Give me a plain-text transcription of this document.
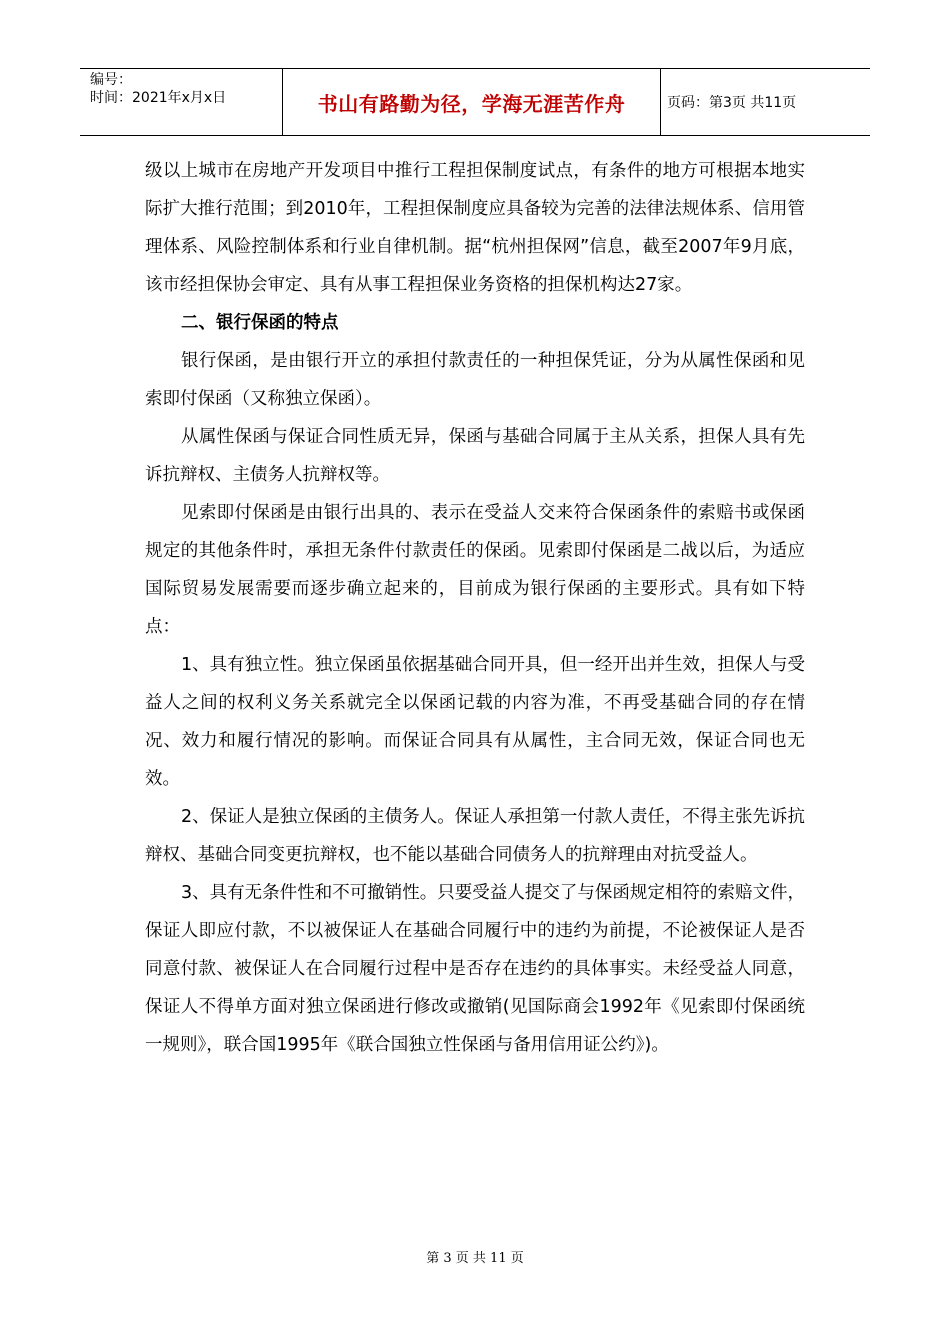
编号：
时间：2021年x月x日	书山有路勤为径，学海无涯苦作舟	页码：第3页 共11页

级以上城市在房地产开发项目中推行工程担保制度试点，有条件的地方可根据本地实际扩大推行范围；到2010年，工程担保制度应具备较为完善的法律法规体系、信用管理体系、风险控制体系和行业自律机制。据“杭州担保网”信息，截至2007年9月底，该市经担保协会审定、具有从事工程担保业务资格的担保机构达27家。

二、银行保函的特点

银行保函，是由银行开立的承担付款责任的一种担保凭证，分为从属性保函和见索即付保函（又称独立保函）。

从属性保函与保证合同性质无异，保函与基础合同属于主从关系，担保人具有先诉抗辩权、主债务人抗辩权等。

见索即付保函是由银行出具的、表示在受益人交来符合保函条件的索赔书或保函规定的其他条件时，承担无条件付款责任的保函。见索即付保函是二战以后，为适应国际贸易发展需要而逐步确立起来的，目前成为银行保函的主要形式。具有如下特点：

1、具有独立性。独立保函虽依据基础合同开具，但一经开出并生效，担保人与受益人之间的权利义务关系就完全以保函记载的内容为准，不再受基础合同的存在情况、效力和履行情况的影响。而保证合同具有从属性，主合同无效，保证合同也无效。

2、保证人是独立保函的主债务人。保证人承担第一付款人责任，不得主张先诉抗辩权、基础合同变更抗辩权，也不能以基础合同债务人的抗辩理由对抗受益人。

3、具有无条件性和不可撤销性。只要受益人提交了与保函规定相符的索赔文件，保证人即应付款，不以被保证人在基础合同履行中的违约为前提，不论被保证人是否同意付款、被保证人在合同履行过程中是否存在违约的具体事实。未经受益人同意，保证人不得单方面对独立保函进行修改或撤销(见国际商会1992年《见索即付保函统一规则》，联合国1995年《联合国独立性保函与备用信用证公约》)。

第 3 页 共 11 页
